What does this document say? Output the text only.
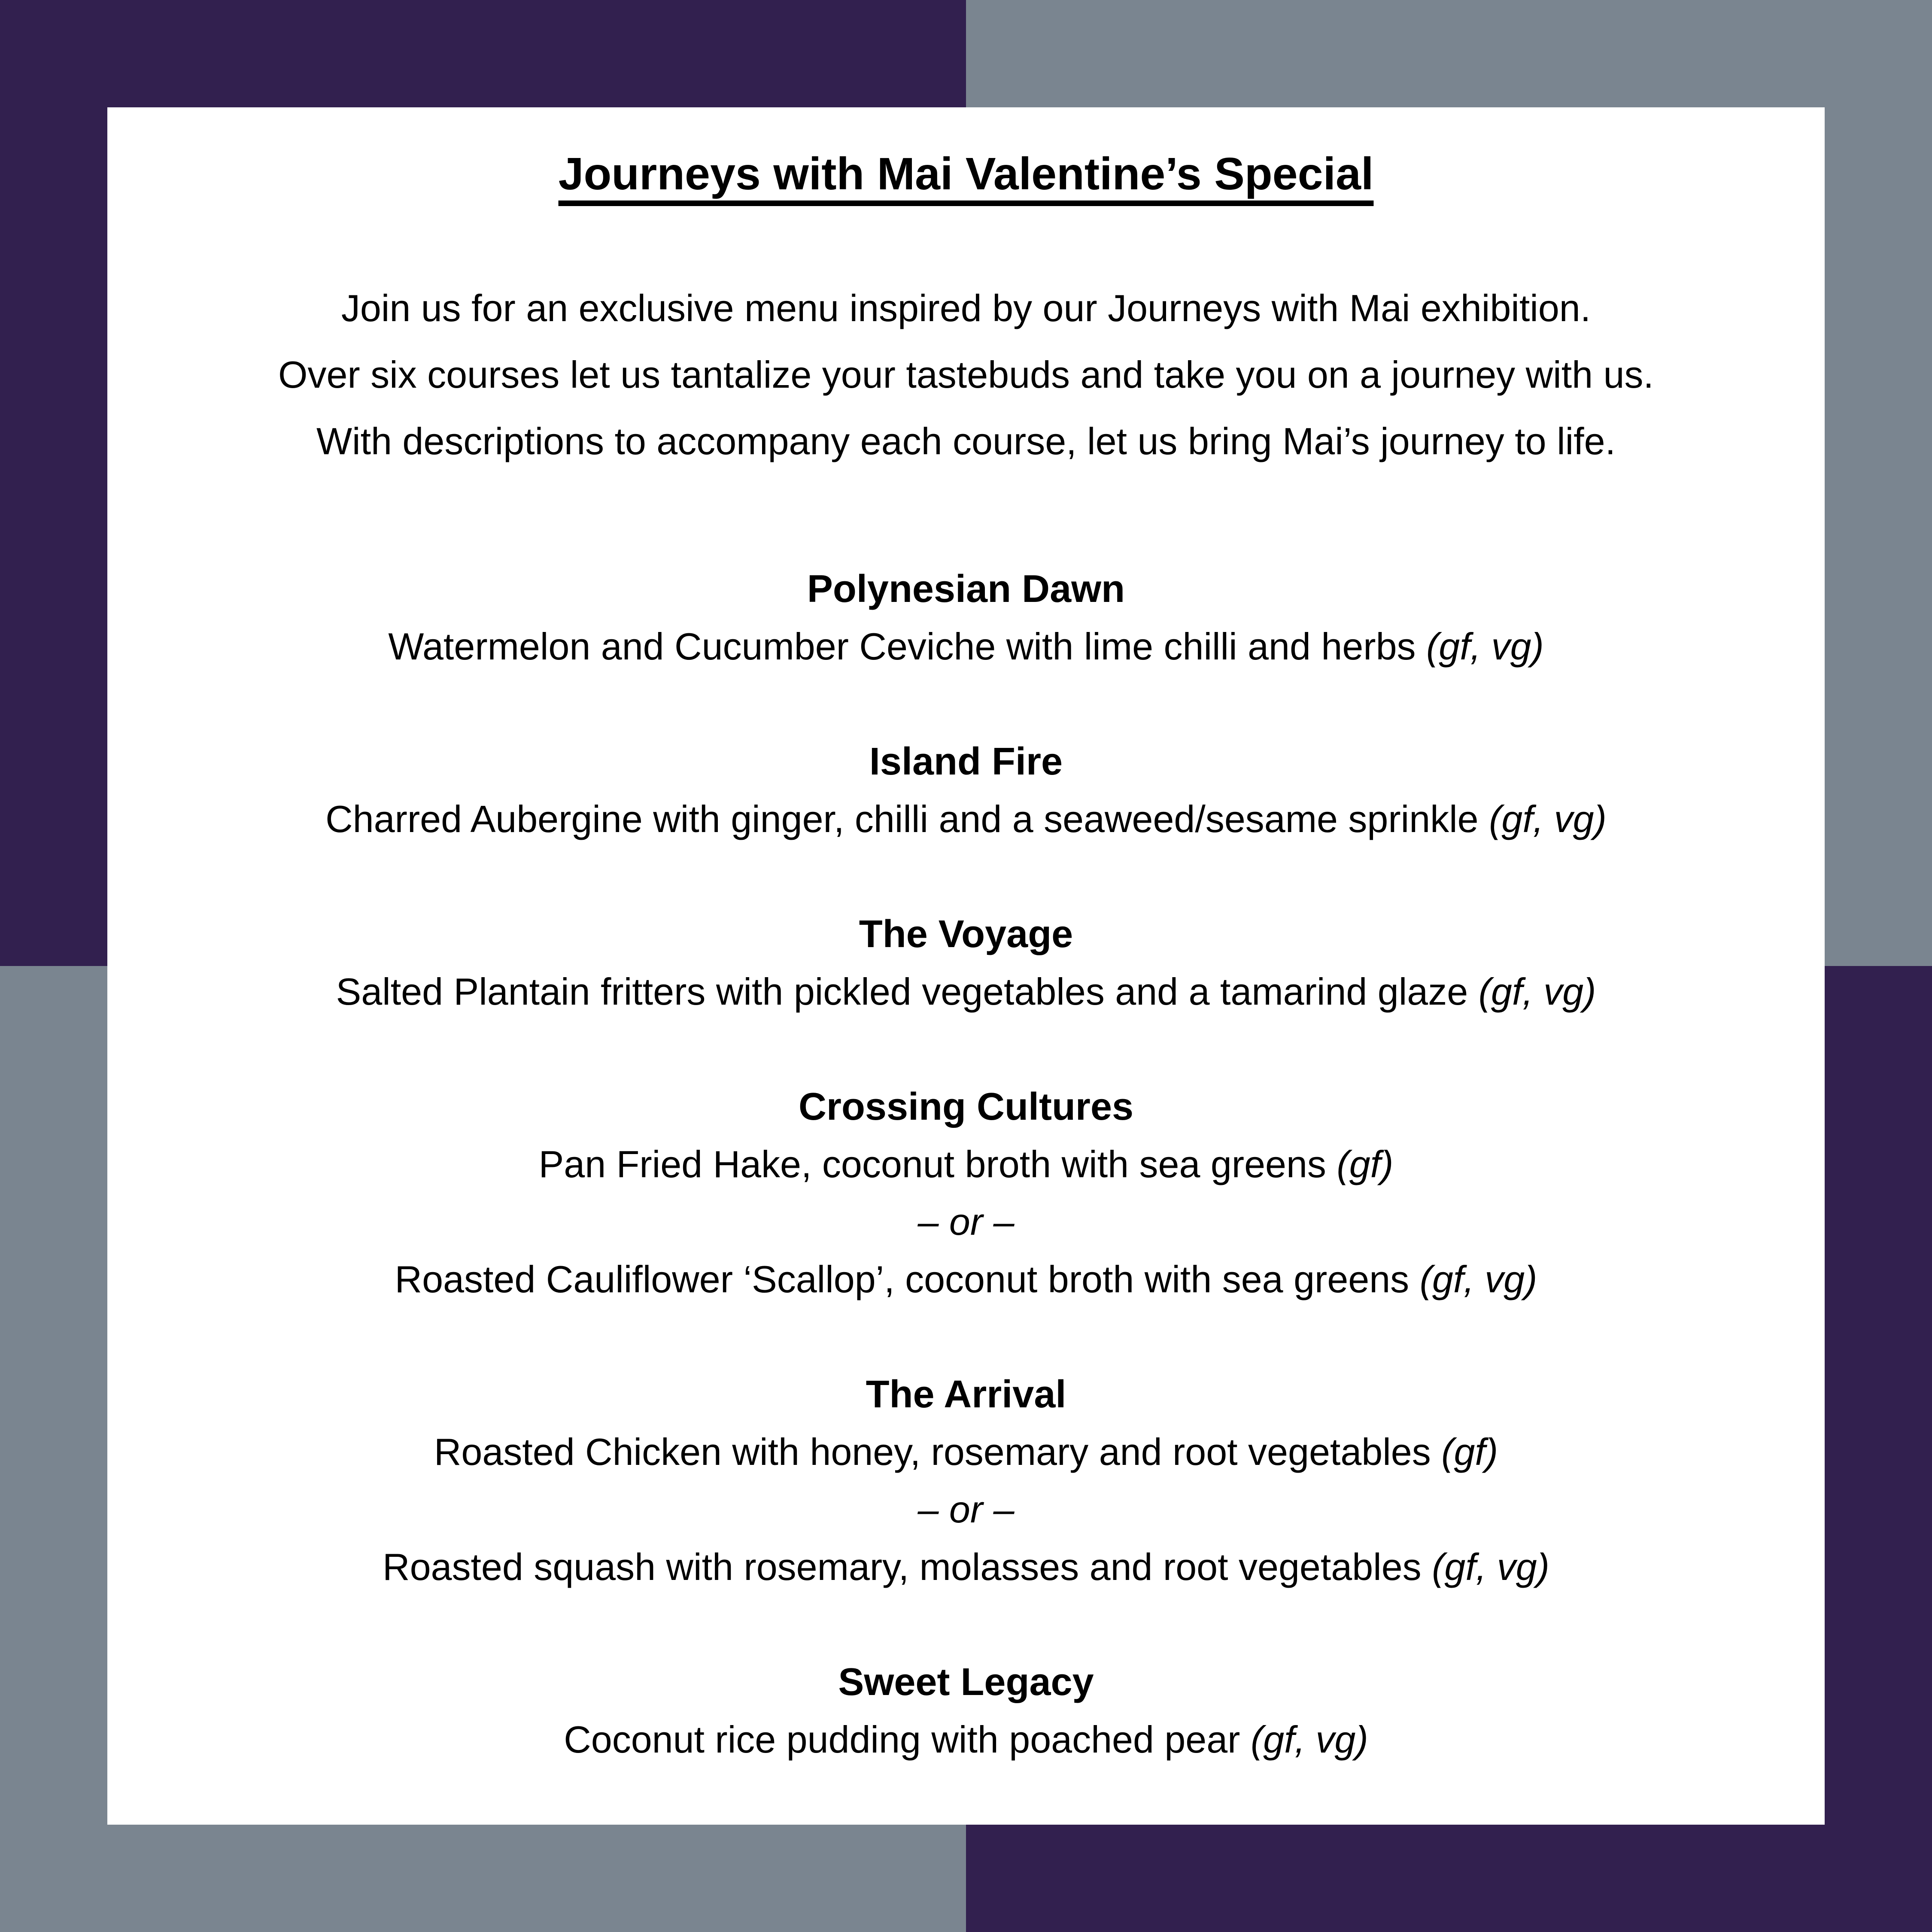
Journeys with Mai Valentine’s Special

Join us for an exclusive menu inspired by our Journeys with Mai exhibition.

Over six courses let us tantalize your tastebuds and take you on a journey with us.

With descriptions to accompany each course, let us bring Mai’s journey to life.

Polynesian Dawn

Watermelon and Cucumber Ceviche with lime chilli and herbs (gf, vg)

Island Fire

Charred Aubergine with ginger, chilli and a seaweed/sesame sprinkle (gf, vg)

The Voyage

Salted Plantain fritters with pickled vegetables and a tamarind glaze (gf, vg)

Crossing Cultures

Pan Fried Hake, coconut broth with sea greens (gf)

– or –

Roasted Cauliflower ‘Scallop’, coconut broth with sea greens (gf, vg)

The Arrival

Roasted Chicken with honey, rosemary and root vegetables (gf)

– or –

Roasted squash with rosemary, molasses and root vegetables (gf, vg)

Sweet Legacy

Coconut rice pudding with poached pear (gf, vg)
